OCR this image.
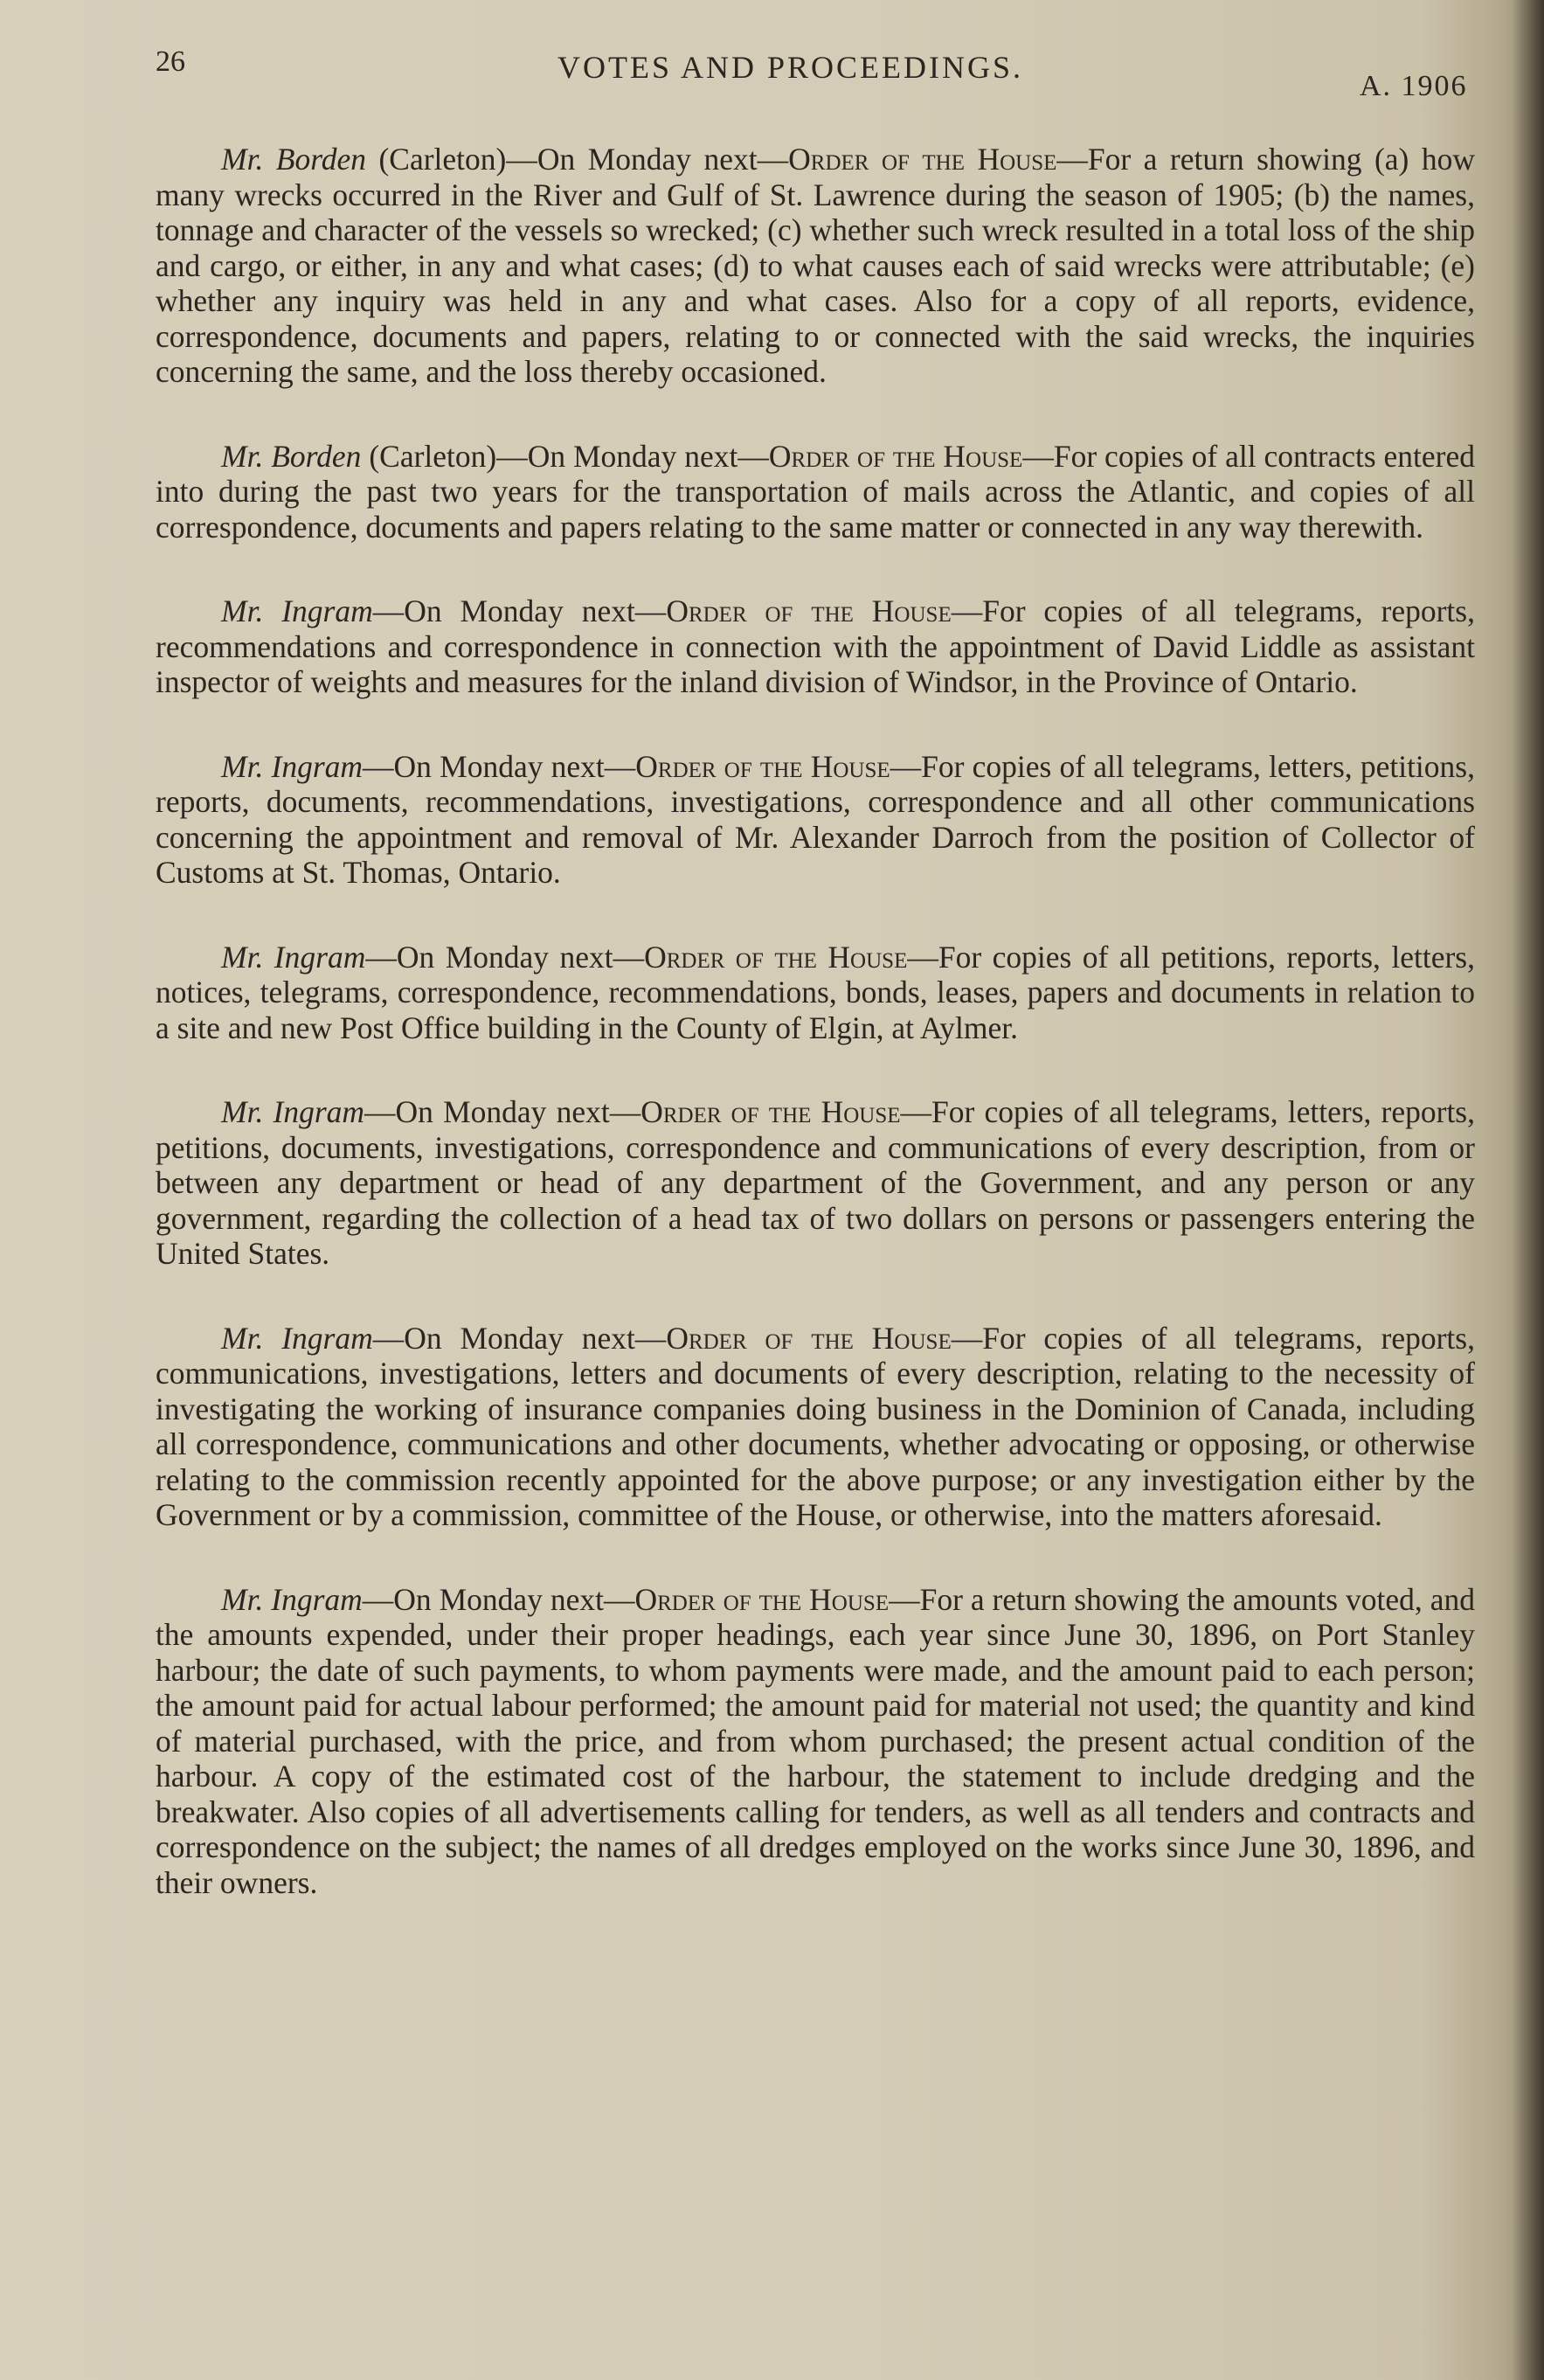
26	VOTES AND PROCEEDINGS.
A. 1906

Mr. Borden (Carleton)—On Monday next—Order of the House—For a return showing (a) how many wrecks occurred in the River and Gulf of St. Lawrence during the season of 1905; (b) the names, tonnage and character of the vessels so wrecked; (c) whether such wreck resulted in a total loss of the ship and cargo, or either, in any and what cases; (d) to what causes each of said wrecks were attributable; (e) whether any inquiry was held in any and what cases. Also for a copy of all reports, evidence, correspondence, documents and papers, relating to or connected with the said wrecks, the inquiries concerning the same, and the loss thereby occasioned.

Mr. Borden (Carleton)—On Monday next—Order of the House—For copies of all contracts entered into during the past two years for the transportation of mails across the Atlantic, and copies of all correspondence, documents and papers relating to the same matter or connected in any way therewith.

Mr. Ingram—On Monday next—Order of the House—For copies of all telegrams, reports, recommendations and correspondence in connection with the appointment of David Liddle as assistant inspector of weights and measures for the inland division of Windsor, in the Province of Ontario.

Mr. Ingram—On Monday next—Order of the House—For copies of all telegrams, letters, petitions, reports, documents, recommendations, investigations, correspondence and all other communications concerning the appointment and removal of Mr. Alexander Darroch from the position of Collector of Customs at St. Thomas, Ontario.

Mr. Ingram—On Monday next—Order of the House—For copies of all petitions, reports, letters, notices, telegrams, correspondence, recommendations, bonds, leases, papers and documents in relation to a site and new Post Office building in the County of Elgin, at Aylmer.

Mr. Ingram—On Monday next—Order of the House—For copies of all telegrams, letters, reports, petitions, documents, investigations, correspondence and communications of every description, from or between any department or head of any department of the Government, and any person or any government, regarding the collection of a head tax of two dollars on persons or passengers entering the United States.

Mr. Ingram—On Monday next—Order of the House—For copies of all telegrams, reports, communications, investigations, letters and documents of every description, relating to the necessity of investigating the working of insurance companies doing business in the Dominion of Canada, including all correspondence, communications and other documents, whether advocating or opposing, or otherwise relating to the commission recently appointed for the above purpose; or any investigation either by the Government or by a commission, committee of the House, or otherwise, into the matters aforesaid.

Mr. Ingram—On Monday next—Order of the House—For a return showing the amounts voted, and the amounts expended, under their proper headings, each year since June 30, 1896, on Port Stanley harbour; the date of such payments, to whom payments were made, and the amount paid to each person; the amount paid for actual labour performed; the amount paid for material not used; the quantity and kind of material purchased, with the price, and from whom purchased; the present actual condition of the harbour. A copy of the estimated cost of the harbour, the statement to include dredging and the breakwater. Also copies of all advertisements calling for tenders, as well as all tenders and contracts and correspondence on the subject; the names of all dredges employed on the works since June 30, 1896, and their owners.
